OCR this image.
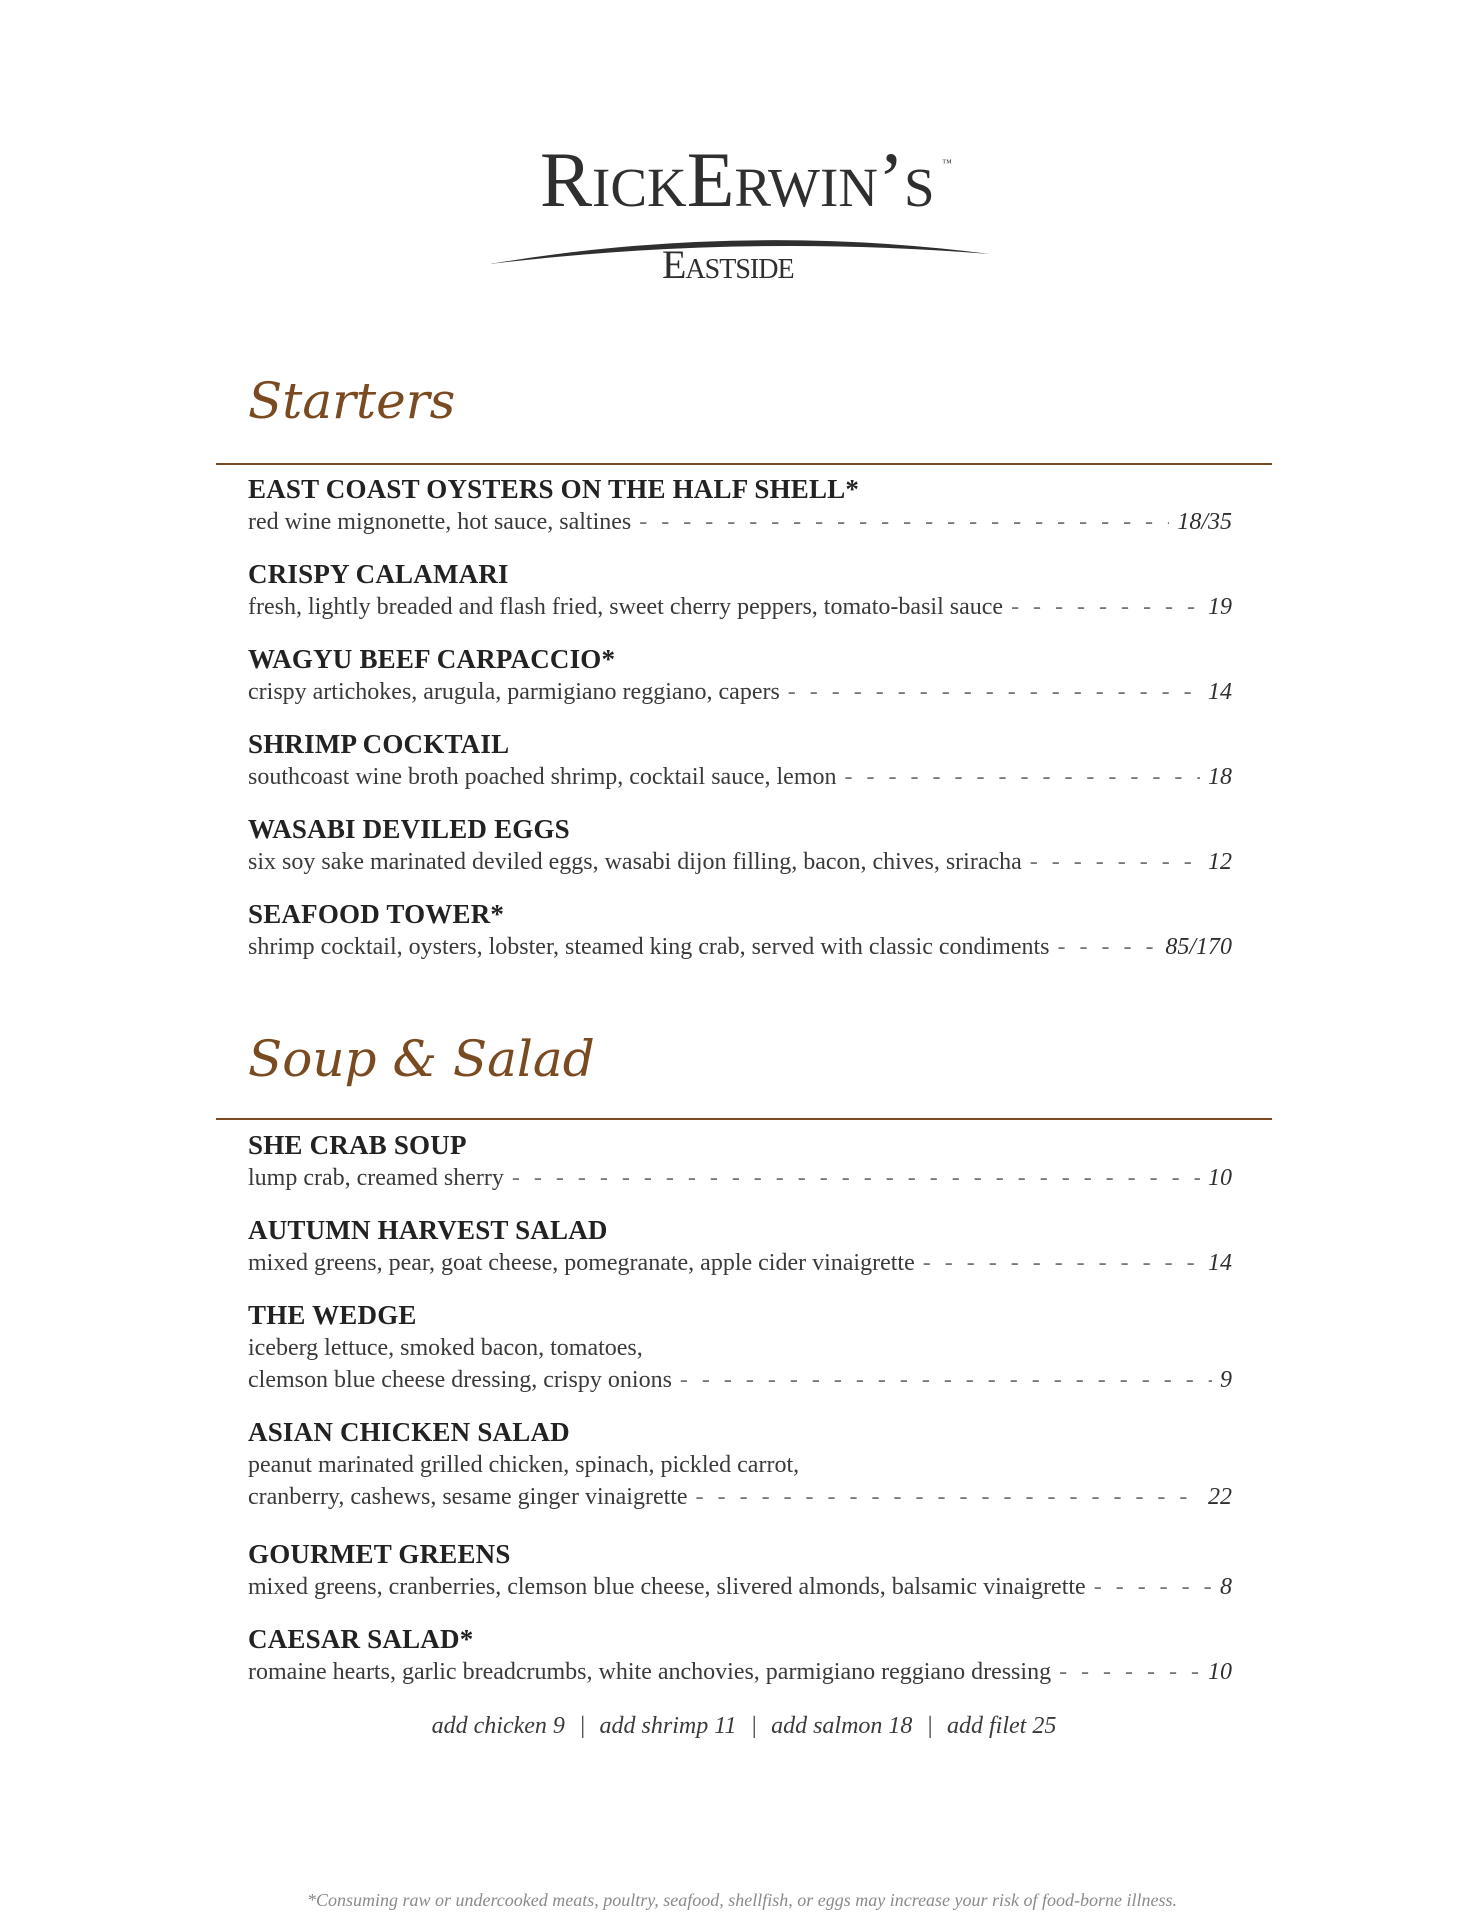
RickErwin’s ™
Eastside
Starters
EAST COAST OYSTERS ON THE HALF SHELL*
red wine mignonette, hot sauce, saltines - - -	18/35
CRISPY CALAMARI
fresh, lightly breaded and flash fried, sweet cherry peppers, tomato-basil sauce - - -	19
WAGYU BEEF CARPACCIO*
crispy artichokes, arugula, parmigiano reggiano, capers - - -	14
SHRIMP COCKTAIL
southcoast wine broth poached shrimp, cocktail sauce, lemon - - -	18
WASABI DEVILED EGGS
six soy sake marinated deviled eggs, wasabi dijon filling, bacon, chives, sriracha - - -	12
SEAFOOD TOWER*
shrimp cocktail, oysters, lobster, steamed king crab, served with classic condiments - - -	85/170
Soup & Salad
SHE CRAB SOUP
lump crab, creamed sherry - - -	10
AUTUMN HARVEST SALAD
mixed greens, pear, goat cheese, pomegranate, apple cider vinaigrette - - -	14
THE WEDGE
iceberg lettuce, smoked bacon, tomatoes,
clemson blue cheese dressing, crispy onions - - -	9
ASIAN CHICKEN SALAD
peanut marinated grilled chicken, spinach, pickled carrot,
cranberry, cashews, sesame ginger vinaigrette - - -	22
GOURMET GREENS
mixed greens, cranberries, clemson blue cheese, slivered almonds, balsamic vinaigrette - - -	8
CAESAR SALAD*
romaine hearts, garlic breadcrumbs, white anchovies, parmigiano reggiano dressing - - -	10
add chicken 9 | add shrimp 11 | add salmon 18 | add filet 25
*Consuming raw or undercooked meats, poultry, seafood, shellfish, or eggs may increase your risk of food-borne illness.
